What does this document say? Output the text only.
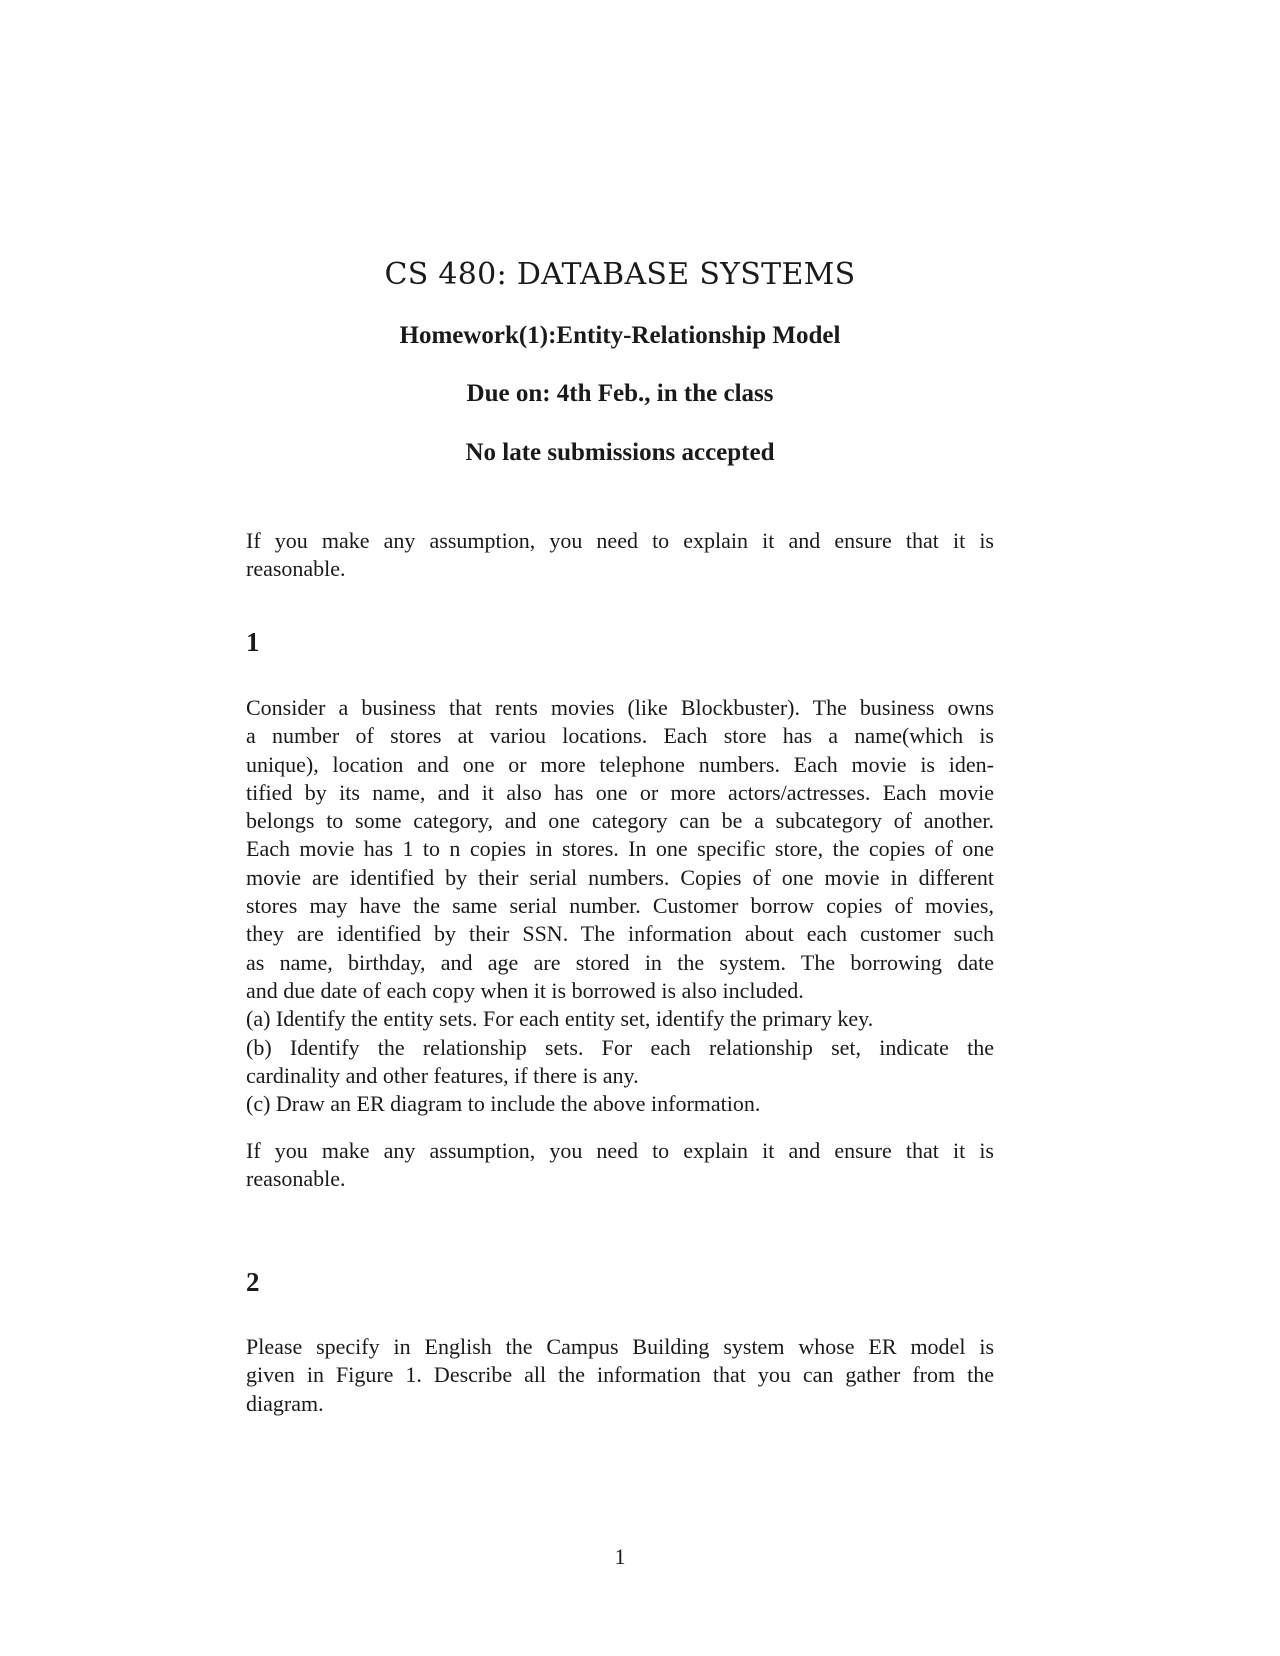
CS 480: DATABASE SYSTEMS
Homework(1):Entity-Relationship Model
Due on: 4th Feb., in the class
No late submissions accepted
If you make any assumption, you need to explain it and ensure that it is
reasonable.
1
Consider a business that rents movies (like Blockbuster). The business owns
a number of stores at variou locations. Each store has a name(which is
unique), location and one or more telephone numbers. Each movie is iden-
tified by its name, and it also has one or more actors/actresses. Each movie
belongs to some category, and one category can be a subcategory of another.
Each movie has 1 to n copies in stores. In one specific store, the copies of one
movie are identified by their serial numbers. Copies of one movie in different
stores may have the same serial number. Customer borrow copies of movies,
they are identified by their SSN. The information about each customer such
as name, birthday, and age are stored in the system. The borrowing date
and due date of each copy when it is borrowed is also included.
(a) Identify the entity sets. For each entity set, identify the primary key.
(b) Identify the relationship sets. For each relationship set, indicate the
cardinality and other features, if there is any.
(c) Draw an ER diagram to include the above information.
If you make any assumption, you need to explain it and ensure that it is
reasonable.
2
Please specify in English the Campus Building system whose ER model is
given in Figure 1. Describe all the information that you can gather from the
diagram.
1
